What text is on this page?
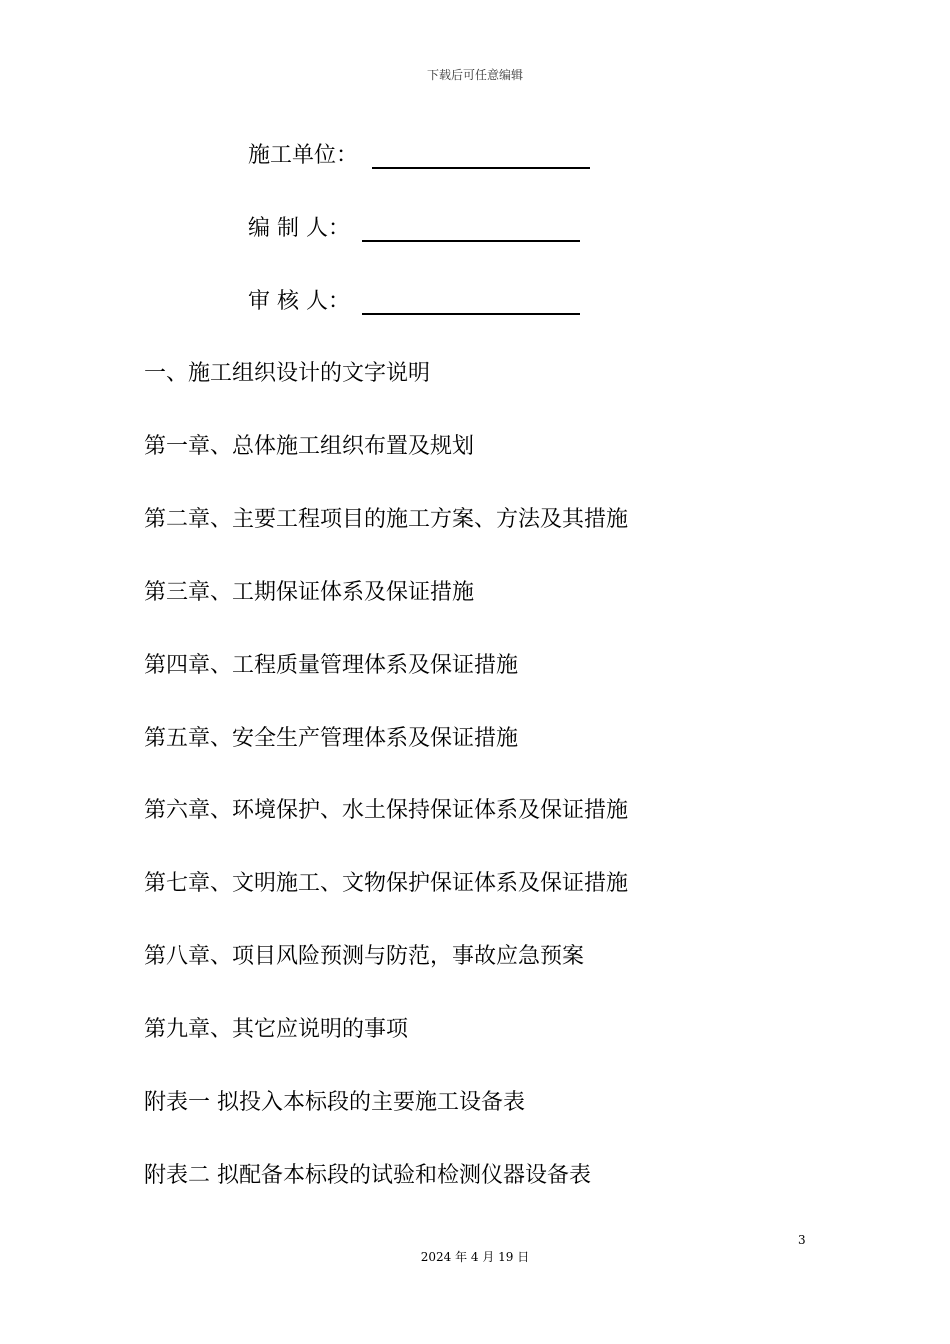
下载后可任意编辑
施工单位：
编 制 人：
审 核 人：
一、施工组织设计的文字说明
第一章、总体施工组织布置及规划
第二章、主要工程项目的施工方案、方法及其措施
第三章、工期保证体系及保证措施
第四章、工程质量管理体系及保证措施
第五章、安全生产管理体系及保证措施
第六章、环境保护、水土保持保证体系及保证措施
第七章、文明施工、文物保护保证体系及保证措施
第八章、项目风险预测与防范，事故应急预案
第九章、其它应说明的事项
附表一 拟投入本标段的主要施工设备表
附表二 拟配备本标段的试验和检测仪器设备表
3
2024 年 4 月 19 日
